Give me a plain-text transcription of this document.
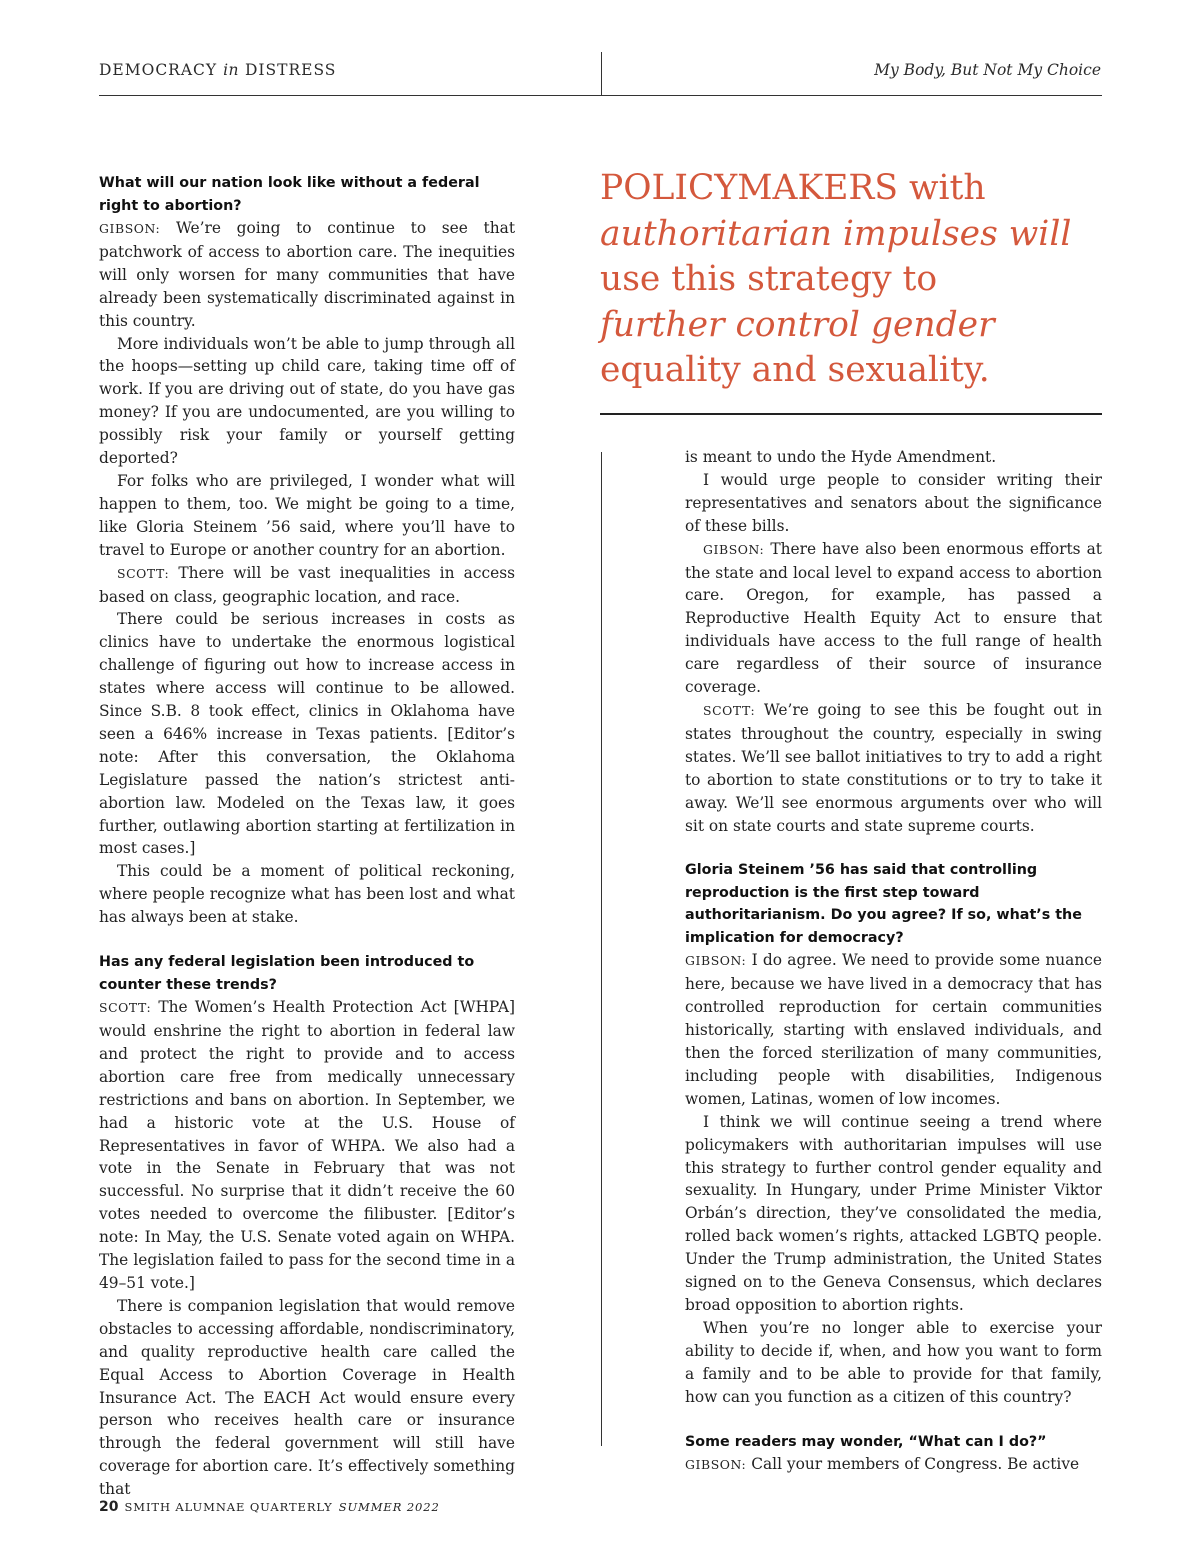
DEMOCRACY in DISTRESS	My Body, But Not My Choice
What will our nation look like without a federal right to abortion?

GIBSON: We’re going to continue to see that patchwork of access to abortion care. The inequities will only worsen for many communities that have already been systematically discriminated against in this country.

More individuals won’t be able to jump through all the hoops—setting up child care, taking time off of work. If you are driving out of state, do you have gas money? If you are undocumented, are you willing to possibly risk your family or yourself getting deported?

For folks who are privileged, I wonder what will happen to them, too. We might be going to a time, like Gloria Steinem ’56 said, where you’ll have to travel to Europe or another country for an abortion.

SCOTT: There will be vast inequalities in access based on class, geographic location, and race.

There could be serious increases in costs as clinics have to undertake the enormous logistical challenge of figuring out how to increase access in states where access will continue to be allowed. Since S.B. 8 took effect, clinics in Oklahoma have seen a 646% increase in Texas patients. [Editor’s note: After this conversation, the Oklahoma Legislature passed the nation’s strictest anti-abortion law. Modeled on the Texas law, it goes further, outlawing abortion starting at fertilization in most cases.]

This could be a moment of political reckoning, where people recognize what has been lost and what has always been at stake.

Has any federal legislation been introduced to counter these trends?

SCOTT: The Women’s Health Protection Act [WHPA] would enshrine the right to abortion in federal law and protect the right to provide and to access abortion care free from medically unnecessary restrictions and bans on abortion. In September, we had a historic vote at the U.S. House of Representatives in favor of WHPA. We also had a vote in the Senate in February that was not successful. No surprise that it didn’t receive the 60 votes needed to overcome the filibuster. [Editor’s note: In May, the U.S. Senate voted again on WHPA. The legislation failed to pass for the second time in a 49–51 vote.]

There is companion legislation that would remove obstacles to accessing affordable, nondiscriminatory, and quality reproductive health care called the Equal Access to Abortion Coverage in Health Insurance Act. The EACH Act would ensure every person who receives health care or insurance through the federal government will still have coverage for abortion care. It’s effectively something that

POLICYMAKERS with
authoritarian impulses will
use this strategy to
further control gender
equality and sexuality.

is meant to undo the Hyde Amendment.

I would urge people to consider writing their representatives and senators about the significance of these bills.

GIBSON: There have also been enormous efforts at the state and local level to expand access to abortion care. Oregon, for example, has passed a Reproductive Health Equity Act to ensure that individuals have access to the full range of health care regardless of their source of insurance coverage.

SCOTT: We’re going to see this be fought out in states throughout the country, especially in swing states. We’ll see ballot initiatives to try to add a right to abortion to state constitutions or to try to take it away. We’ll see enormous arguments over who will sit on state courts and state supreme courts.

Gloria Steinem ’56 has said that controlling reproduction is the first step toward authoritarianism. Do you agree? If so, what’s the implication for democracy?

GIBSON: I do agree. We need to provide some nuance here, because we have lived in a democracy that has controlled reproduction for certain communities historically, starting with enslaved individuals, and then the forced sterilization of many communities, including people with disabilities, Indigenous women, Latinas, women of low incomes.

I think we will continue seeing a trend where policymakers with authoritarian impulses will use this strategy to further control gender equality and sexuality. In Hungary, under Prime Minister Viktor Orbán’s direction, they’ve consolidated the media, rolled back women’s rights, attacked LGBTQ people. Under the Trump administration, the United States signed on to the Geneva Consensus, which declares broad opposition to abortion rights.

When you’re no longer able to exercise your ability to decide if, when, and how you want to form a family and to be able to provide for that family, how can you function as a citizen of this country?

Some readers may wonder, “What can I do?”

GIBSON: Call your members of Congress. Be active

20 SMITH ALUMNAE QUARTERLY SUMMER 2022
